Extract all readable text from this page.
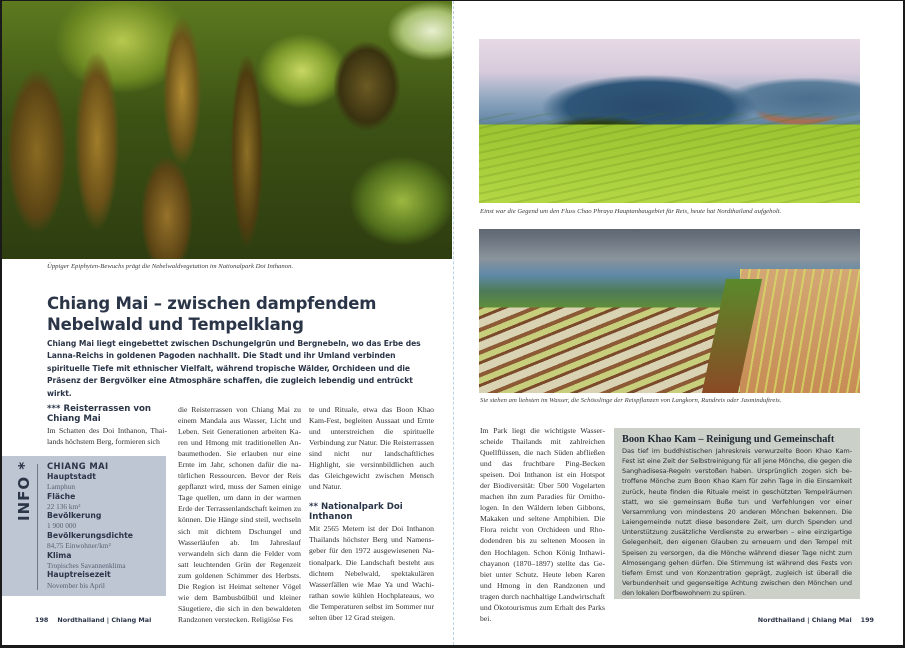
Üppiger Epiphyten-Bewuchs prägt die Nebelwaldvegetation im Nationalpark Doi Inthanon.
Chiang Mai – zwischen dampfendem Nebelwald und Tempelklang

Chiang Mai liegt eingebettet zwischen Dschungelgrün und Bergnebeln, wo das Erbe des Lanna-Reichs in goldenen Pagoden nachhallt. Die Stadt und ihr Umland verbinden spirituelle Tiefe mit ethnischer Vielfalt, während tropische Wälder, Orchideen und die Präsenz der Bergvölker eine Atmosphäre schaffen, die zugleich lebendig und entrückt wirkt.

*** Reisterrassen von Chiang Mai
Im Schatten des Doi Inthanon, Thailands höchstem Berg, formieren sich
INFO * CHIANG MAI
Hauptstadt
Lamphun
Fläche
22 136 km²
Bevölkerung
1 900 000
Bevölkerungsdichte
84,75 Einwohner/km²
Klima
Tropisches Savannenklima
Hauptreisezeit
November bis April
die Reisterrassen von Chiang Mai zu einem Mandala aus Wasser, Licht und Leben. Seit Generationen arbeiten Karen und Hmong mit traditionellen Anbaumethoden. Sie erlauben nur eine Ernte im Jahr, schonen dafür die natürlichen Ressourcen. Bevor der Reis gepflanzt wird, muss der Samen einige Tage quellen, um dann in der warmen Erde der Terrassenlandschaft keimen zu können. Die Hänge sind steil, wechseln sich mit dichtem Dschungel und Wasserläufen ab. Im Jahreslauf verwandeln sich dann die Felder vom satt leuchtenden Grün der Regenzeit zum goldenen Schimmer des Herbsts. Die Region ist Heimat seltener Vögel wie dem Bambusbülbül und kleiner Säugetiere, die sich in den bewaldeten Randzonen verstecken. Religiöse Fes
te und Rituale, etwa das Boon Khao Kam-Fest, begleiten Aussaat und Ernte und unterstreichen die spirituelle Verbindung zur Natur. Die Reisterrassen sind nicht nur landschaftliches Highlight, sie versinnbildlichen auch das Gleichgewicht zwischen Mensch und Natur.
** Nationalpark Doi Inthanon
Mit 2565 Metern ist der Doi Inthanon Thailands höchster Berg und Namensgeber für den 1972 ausgewiesenen Nationalpark. Die Landschaft besteht aus dichtem Nebelwald, spektakulären Wasserfällen wie Mae Ya und Wachirathan sowie kühlen Hochplateaus, wo die Temperaturen selbst im Sommer nur selten über 12 Grad steigen.
198 Nordthailand | Chiang Mai
Einst war die Gegend um den Fluss Chao Phraya Hauptanbaugebiet für Reis, heute hat Nordthailand aufgeholt.
Sie stehen am liebsten im Wasser, die Schösslinge der Reispflanzen von Langkorn, Rundreis oder Jasminduftreis.
Im Park liegt die wichtigste Wasserscheide Thailands mit zahlreichen Quellflüssen, die nach Süden abfließen und das fruchtbare Ping-Becken speisen. Doi Inthanon ist ein Hotspot der Biodiversität: Über 500 Vogelarten machen ihn zum Paradies für Ornithologen. In den Wäldern leben Gibbons, Makaken und seltene Amphibien. Die Flora reicht von Orchideen und Rhododendren bis zu seltenen Moosen in den Hochlagen. Schon König Inthawichayanon (1870–1897) stellte das Gebiet unter Schutz. Heute leben Karen und Hmong in den Randzonen und tragen durch nachhaltige Landwirtschaft und Ökotourismus zum Erhalt des Parks bei.
Boon Khao Kam – Reinigung und Gemeinschaft
Das tief im buddhistischen Jahreskreis verwurzelte Boon Khao Kam-Fest ist eine Zeit der Selbstreinigung für all jene Mönche, die gegen die Sanghadisesa-Regeln verstoßen haben. Ursprünglich zogen sich betroffene Mönche zum Boon Khao Kam für zehn Tage in die Einsamkeit zurück, heute finden die Rituale meist in geschützten Tempelräumen statt, wo sie gemeinsam Buße tun und Verfehlungen vor einer Versammlung von mindestens 20 anderen Mönchen bekennen. Die Laiengemeinde nutzt diese besondere Zeit, um durch Spenden und Unterstützung zusätzliche Verdienste zu erwerben – eine einzigartige Gelegenheit, den eigenen Glauben zu erneuern und den Tempel mit Speisen zu versorgen, da die Mönche während dieser Tage nicht zum Almosengang gehen dürfen. Die Stimmung ist während des Fests von tiefem Ernst und von Konzentration geprägt, zugleich ist überall die Verbundenheit und gegenseitige Achtung zwischen den Mönchen und den lokalen Dorfbewohnern zu spüren.
Nordthailand | Chiang Mai 199
